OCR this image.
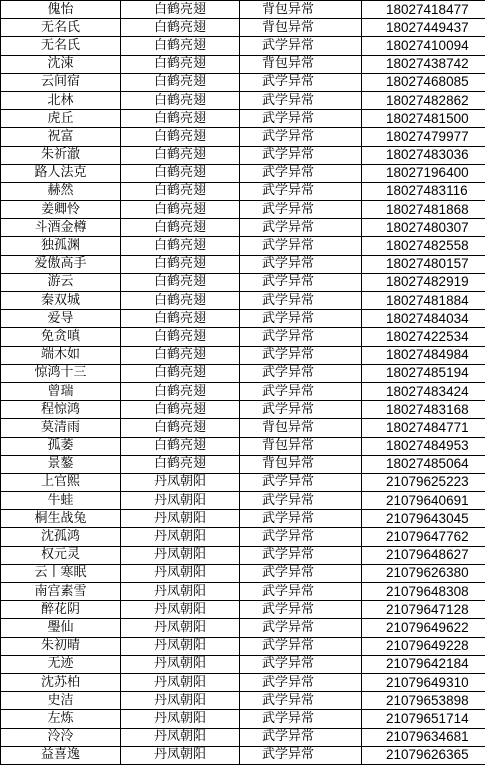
傀怡	白鹤亮翅	背包异常	18027418477
无名氏	白鹤亮翅	背包异常	18027449437
无名氏	白鹤亮翅	武学异常	18027410094
沈涑	白鹤亮翅	背包异常	18027438742
云间宿	白鹤亮翅	武学异常	18027468085
北林	白鹤亮翅	武学异常	18027482862
虎丘	白鹤亮翅	武学异常	18027481500
祝富	白鹤亮翅	武学异常	18027479977
朱祈澈	白鹤亮翅	武学异常	18027483036
路人法克	白鹤亮翅	武学异常	18027196400
赫然	白鹤亮翅	武学异常	18027483116
姜卿怜	白鹤亮翅	武学异常	18027481868
斗酒金樽	白鹤亮翅	武学异常	18027480307
独孤渊	白鹤亮翅	武学异常	18027482558
爱傲高手	白鹤亮翅	武学异常	18027480157
游云	白鹤亮翅	武学异常	18027482919
秦双城	白鹤亮翅	武学异常	18027481884
爱导	白鹤亮翅	武学异常	18027484034
免贪嗔	白鹤亮翅	武学异常	18027422534
端木如	白鹤亮翅	武学异常	18027484984
惊鸿十三	白鹤亮翅	武学异常	18027485194
曾瑞	白鹤亮翅	武学异常	18027483424
程惊鸿	白鹤亮翅	武学异常	18027483168
莫清雨	白鹤亮翅	背包异常	18027484771
孤萎	白鹤亮翅	背包异常	18027484953
景鏊	白鹤亮翅	背包异常	18027485064
上官熙	丹凤朝阳	武学异常	21079625223
牛蛙	丹凤朝阳	武学异常	21079640691
桐生战兔	丹凤朝阳	武学异常	21079643045
沈孤鸿	丹凤朝阳	武学异常	21079647762
权元灵	丹凤朝阳	武学异常	21079648627
云丨寒眠	丹凤朝阳	武学异常	21079626380
南宫素雪	丹凤朝阳	武学异常	21079648308
醉花阴	丹凤朝阳	武学异常	21079647128
璺仙	丹凤朝阳	武学异常	21079649622
朱初晴	丹凤朝阳	武学异常	21079649228
无迹	丹凤朝阳	武学异常	21079642184
沈苏柏	丹凤朝阳	武学异常	21079649310
史洁	丹凤朝阳	武学异常	21079653898
左炼	丹凤朝阳	武学异常	21079651714
泠泠	丹凤朝阳	武学异常	21079634681
益喜逸	丹凤朝阳	武学异常	21079626365
